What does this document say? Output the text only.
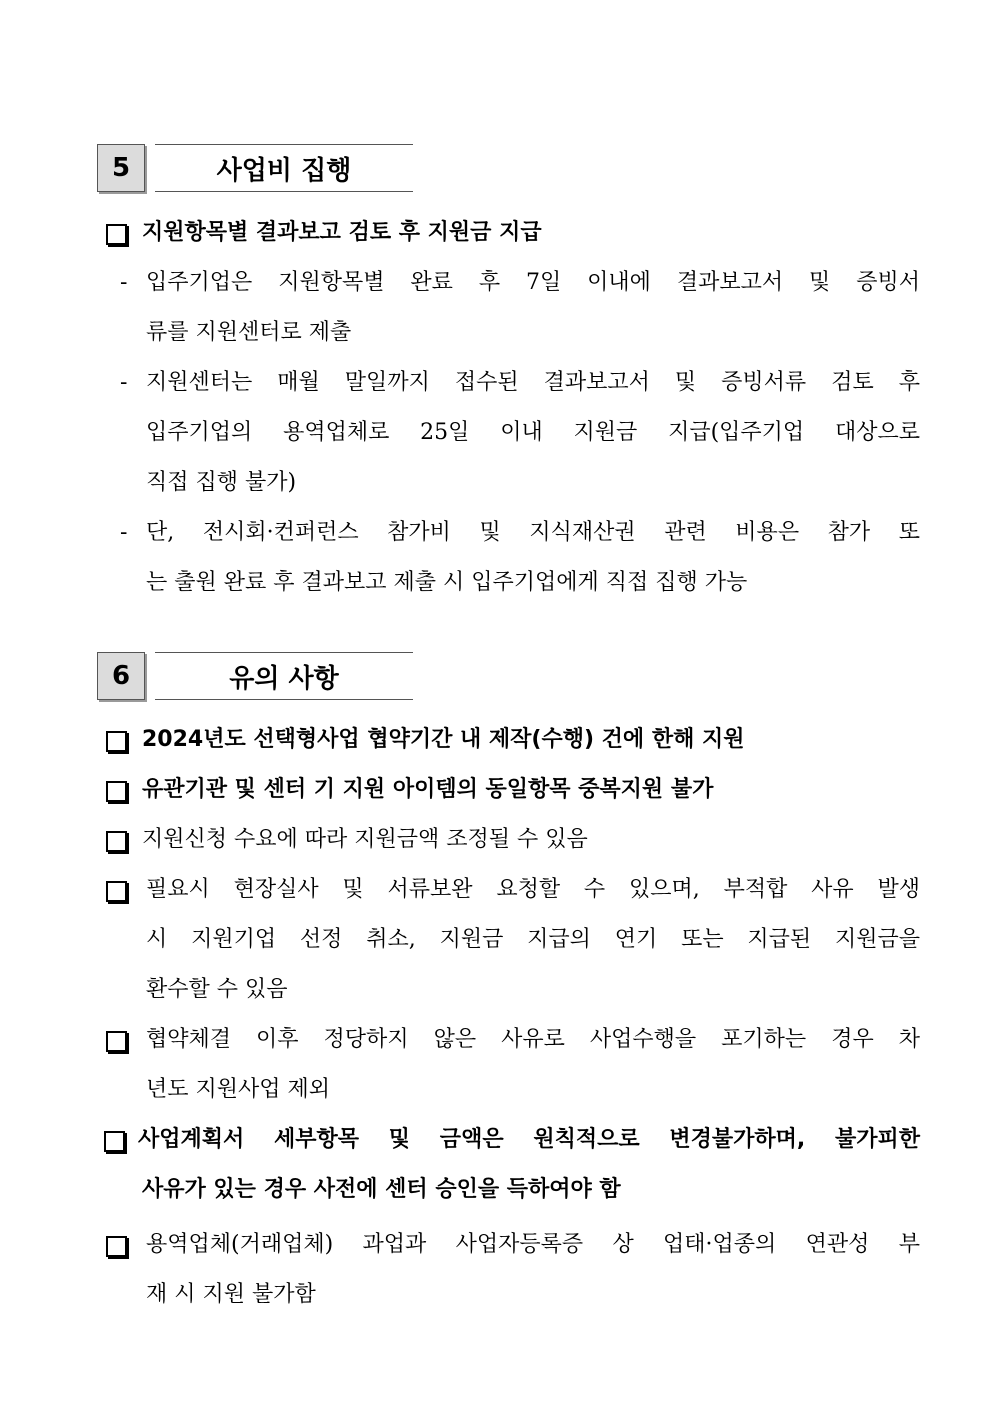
5	사업비 집행
지원항목별 결과보고 검토 후 지원금 지급
- 입주기업은 지원항목별 완료 후 7일 이내에 결과보고서 및 증빙서
류를 지원센터로 제출
- 지원센터는 매월 말일까지 접수된 결과보고서 및 증빙서류 검토 후
입주기업의 용역업체로 25일 이내 지원금 지급(입주기업 대상으로
직접 집행 불가)
- 단, 전시회·컨퍼런스 참가비 및 지식재산권 관련 비용은 참가 또
는 출원 완료 후 결과보고 제출 시 입주기업에게 직접 집행 가능
6	유의 사항
2024년도 선택형사업 협약기간 내 제작(수행) 건에 한해 지원
유관기관 및 센터 기 지원 아이템의 동일항목 중복지원 불가
지원신청 수요에 따라 지원금액 조정될 수 있음
필요시 현장실사 및 서류보완 요청할 수 있으며, 부적합 사유 발생
시 지원기업 선정 취소, 지원금 지급의 연기 또는 지급된 지원금을
환수할 수 있음
협약체결 이후 정당하지 않은 사유로 사업수행을 포기하는 경우 차
년도 지원사업 제외
사업계획서 세부항목 및 금액은 원칙적으로 변경불가하며, 불가피한
사유가 있는 경우 사전에 센터 승인을 득하여야 함
용역업체(거래업체) 과업과 사업자등록증 상 업태·업종의 연관성 부
재 시 지원 불가함
